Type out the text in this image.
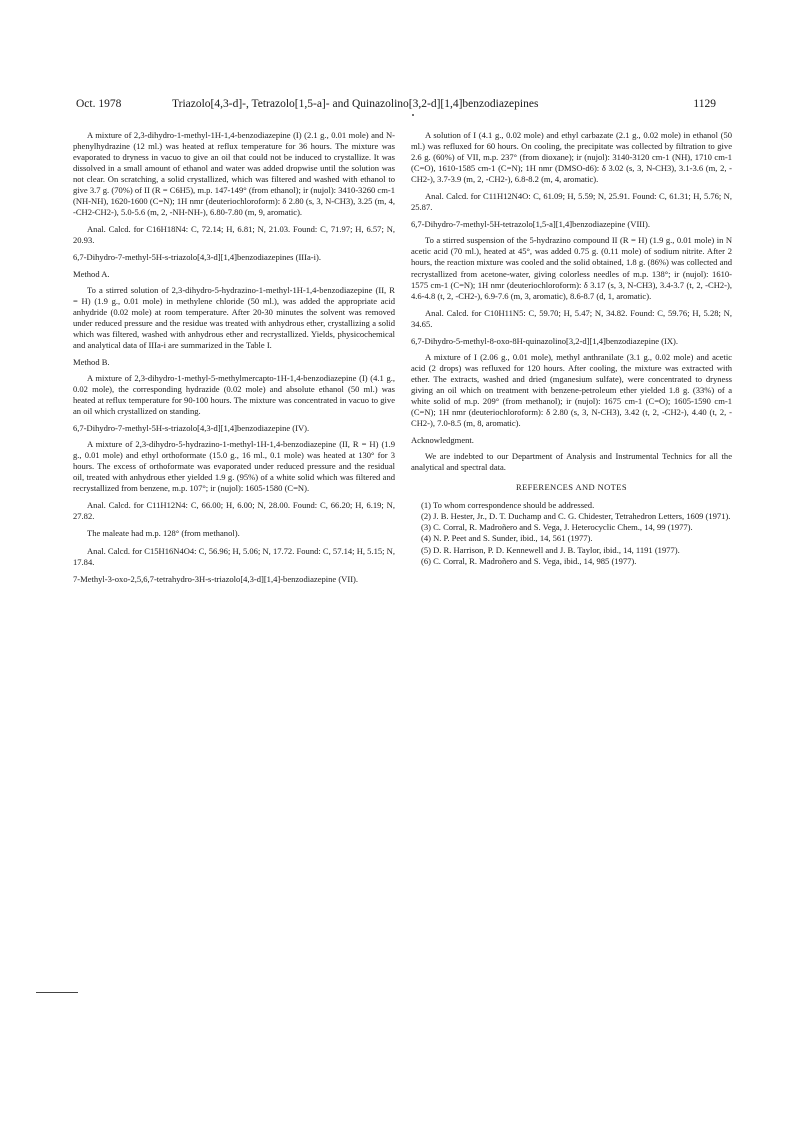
Oct. 1978	Triazolo[4,3-d]-, Tetrazolo[1,5-a]- and Quinazolino[3,2-d][1,4]benzodiazepines	1129

A mixture of 2,3-dihydro-1-methyl-1H-1,4-benzodiazepine (I) (2.1 g., 0.01 mole) and N-phenylhydrazine (12 ml.) was heated at reflux temperature for 36 hours. The mixture was evaporated to dryness in vacuo to give an oil that could not be induced to crystallize. It was dissolved in a small amount of ethanol and water was added dropwise until the solution was not clear. On scratching, a solid crystallized, which was filtered and washed with ethanol to give 3.7 g. (70%) of II (R = C6H5), m.p. 147-149° (from ethanol); ir (nujol): 3410-3260 cm-1 (NH-NH), 1620-1600 (C=N); 1H nmr (deuteriochloroform): δ 2.80 (s, 3, N-CH3), 3.25 (m, 4, -CH2-CH2-), 5.0-5.6 (m, 2, -NH-NH-), 6.80-7.80 (m, 9, aromatic).

Anal. Calcd. for C16H18N4: C, 72.14; H, 6.81; N, 21.03. Found: C, 71.97; H, 6.57; N, 20.93.

6,7-Dihydro-7-methyl-5H-s-triazolo[4,3-d][1,4]benzodiazepines (IIIa-i).

Method A.

To a stirred solution of 2,3-dihydro-5-hydrazino-1-methyl-1H-1,4-benzodiazepine (II, R = H) (1.9 g., 0.01 mole) in methylene chloride (50 ml.), was added the appropriate acid anhydride (0.02 mole) at room temperature. After 20-30 minutes the solvent was removed under reduced pressure and the residue was treated with anhydrous ether, crystallizing a solid which was filtered, washed with anhydrous ether and recrystallized. Yields, physicochemical and analytical data of IIIa-i are summarized in the Table I.

Method B.

A mixture of 2,3-dihydro-1-methyl-5-methylmercapto-1H-1,4-benzodiazepine (I) (4.1 g., 0.02 mole), the corresponding hydrazide (0.02 mole) and absolute ethanol (50 ml.) was heated at reflux temperature for 90-100 hours. The mixture was concentrated in vacuo to give an oil which crystallized on standing.

6,7-Dihydro-7-methyl-5H-s-triazolo[4,3-d][1,4]benzodiazepine (IV).

A mixture of 2,3-dihydro-5-hydrazino-1-methyl-1H-1,4-benzodiazepine (II, R = H) (1.9 g., 0.01 mole) and ethyl orthoformate (15.0 g., 16 ml., 0.1 mole) was heated at 130° for 3 hours. The excess of orthoformate was evaporated under reduced pressure and the residual oil, treated with anhydrous ether yielded 1.9 g. (95%) of a white solid which was filtered and recrystallized from benzene, m.p. 107°; ir (nujol): 1605-1580 (C=N).

Anal. Calcd. for C11H12N4: C, 66.00; H, 6.00; N, 28.00. Found: C, 66.20; H, 6.19; N, 27.82.

The maleate had m.p. 128° (from methanol).

Anal. Calcd. for C15H16N4O4: C, 56.96; H, 5.06; N, 17.72. Found: C, 57.14; H, 5.15; N, 17.84.

7-Methyl-3-oxo-2,5,6,7-tetrahydro-3H-s-triazolo[4,3-d][1,4]-benzodiazepine (VII).

A solution of I (4.1 g., 0.02 mole) and ethyl carbazate (2.1 g., 0.02 mole) in ethanol (50 ml.) was refluxed for 60 hours. On cooling, the precipitate was collected by filtration to give 2.6 g. (60%) of VII, m.p. 237° (from dioxane); ir (nujol): 3140-3120 cm-1 (NH), 1710 cm-1 (C=O), 1610-1585 cm-1 (C=N); 1H nmr (DMSO-d6): δ 3.02 (s, 3, N-CH3), 3.1-3.6 (m, 2, -CH2-), 3.7-3.9 (m, 2, -CH2-), 6.8-8.2 (m, 4, aromatic).

Anal. Calcd. for C11H12N4O: C, 61.09; H, 5.59; N, 25.91. Found: C, 61.31; H, 5.76; N, 25.87.

6,7-Dihydro-7-methyl-5H-tetrazolo[1,5-a][1,4]benzodiazepine (VIII).

To a stirred suspension of the 5-hydrazino compound II (R = H) (1.9 g., 0.01 mole) in N acetic acid (70 ml.), heated at 45°, was added 0.75 g. (0.11 mole) of sodium nitrite. After 2 hours, the reaction mixture was cooled and the solid obtained, 1.8 g. (86%) was collected and recrystallized from acetone-water, giving colorless needles of m.p. 138°; ir (nujol): 1610-1575 cm-1 (C=N); 1H nmr (deuteriochloroform): δ 3.17 (s, 3, N-CH3), 3.4-3.7 (t, 2, -CH2-), 4.6-4.8 (t, 2, -CH2-), 6.9-7.6 (m, 3, aromatic), 8.6-8.7 (d, 1, aromatic).

Anal. Calcd. for C10H11N5: C, 59.70; H, 5.47; N, 34.82. Found: C, 59.76; H, 5.28; N, 34.65.

6,7-Dihydro-5-methyl-8-oxo-8H-quinazolino[3,2-d][1,4]benzodiazepine (IX).

A mixture of I (2.06 g., 0.01 mole), methyl anthranilate (3.1 g., 0.02 mole) and acetic acid (2 drops) was refluxed for 120 hours. After cooling, the mixture was extracted with ether. The extracts, washed and dried (mganesium sulfate), were concentrated to dryness giving an oil which on treatment with benzene-petroleum ether yielded 1.8 g. (33%) of a white solid of m.p. 209° (from methanol); ir (nujol): 1675 cm-1 (C=O); 1605-1590 cm-1 (C=N); 1H nmr (deuteriochloroform): δ 2.80 (s, 3, N-CH3), 3.42 (t, 2, -CH2-), 4.40 (t, 2, -CH2-), 7.0-8.5 (m, 8, aromatic).

Acknowledgment.

We are indebted to our Department of Analysis and Instrumental Technics for all the analytical and spectral data.

REFERENCES AND NOTES

(1) To whom correspondence should be addressed.

(2) J. B. Hester, Jr., D. T. Duchamp and C. G. Chidester, Tetrahedron Letters, 1609 (1971).

(3) C. Corral, R. Madroñero and S. Vega, J. Heterocyclic Chem., 14, 99 (1977).

(4) N. P. Peet and S. Sunder, ibid., 14, 561 (1977).

(5) D. R. Harrison, P. D. Kennewell and J. B. Taylor, ibid., 14, 1191 (1977).

(6) C. Corral, R. Madroñero and S. Vega, ibid., 14, 985 (1977).
